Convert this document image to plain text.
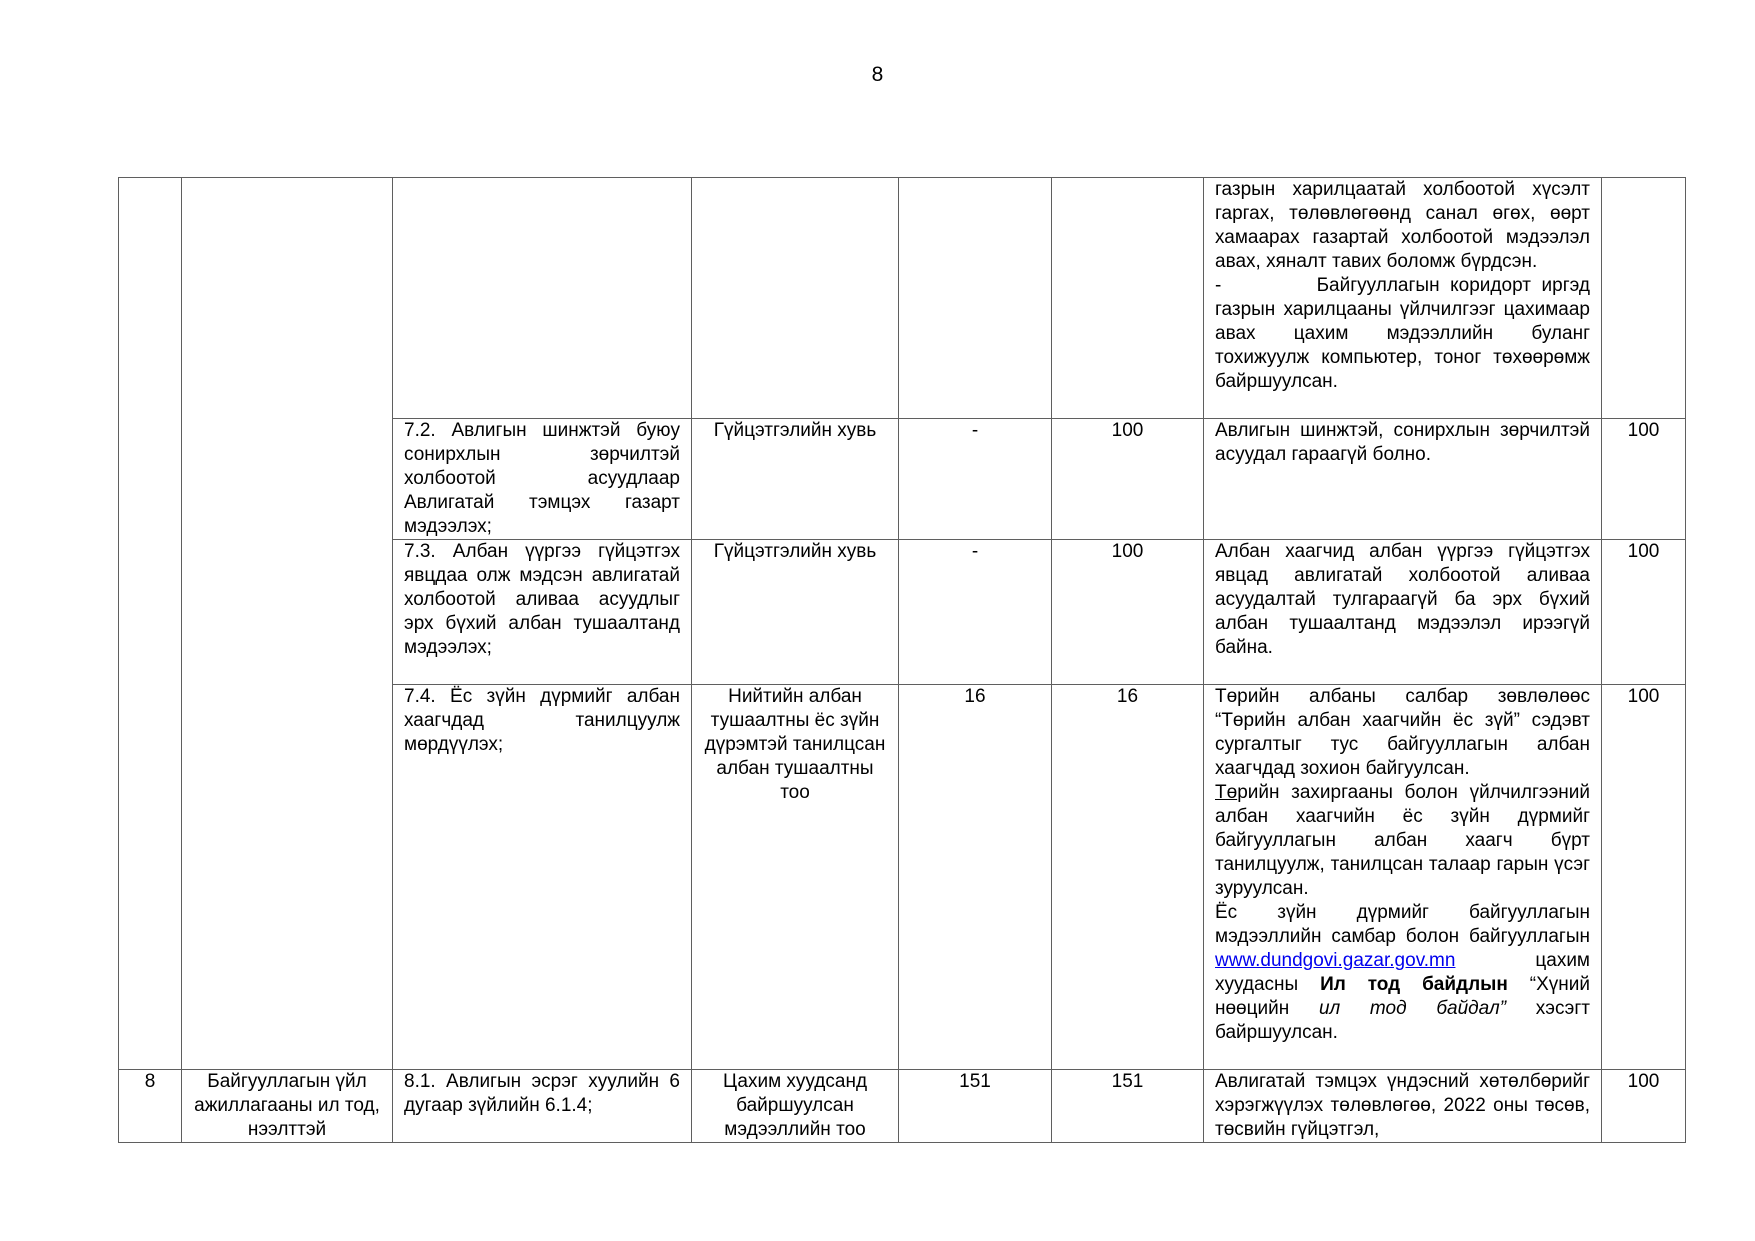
8

						газрын харилцаатай холбоотой хүсэлт гаргах, төлөвлөгөөнд санал өгөх, өөрт хамаарах газартай холбоотой мэдээлэл авах, хяналт тавих боломж бүрдсэн.
-         Байгууллагын коридорт иргэд газрын харилцааны үйлчилгээг цахимаар авах цахим мэдээллийн буланг тохижуулж компьютер, тоног төхөөрөмж байршуулсан.	

		7.2. Авлигын шинжтэй буюу сонирхлын зөрчилтэй холбоотой асуудлаар Авлигатай тэмцэх газарт мэдээлэх;	Гүйцэтгэлийн хувь	-	100	Авлигын шинжтэй, сонирхлын зөрчилтэй асуудал гараагүй болно.	100
		7.3. Албан үүргээ гүйцэтгэх явцдаа олж мэдсэн авлигатай холбоотой аливаа асуудлыг эрх бүхий албан тушаалтанд мэдээлэх;	Гүйцэтгэлийн хувь	-	100	Албан хаагчид албан үүргээ гүйцэтгэх явцад авлигатай холбоотой аливаа асуудалтай тулгараагүй ба эрх бүхий албан тушаалтанд мэдээлэл ирээгүй байна.	100
		7.4. Ёс зүйн дүрмийг албан хаагчдад танилцуулж мөрдүүлэх;	Нийтийн албан тушаалтны ёс зүйн дүрэмтэй танилцсан албан тушаалтны тоо	16	16	Төрийн албаны салбар зөвлөлөөс “Төрийн албан хаагчийн ёс зүй” сэдэвт сургалтыг тус байгууллагын албан хаагчдад зохион байгуулсан.
Төрийн захиргааны болон үйлчилгээний албан хаагчийн ёс зүйн дүрмийг байгууллагын албан хаагч бүрт танилцуулж, танилцсан талаар гарын үсэг зуруулсан.
Ёс зүйн дүрмийг байгууллагын мэдээллийн самбар болон байгууллагын www.dundgovi.gazar.gov.mn цахим хуудасны Ил тод байдлын “Хүний нөөцийн ил тод байдал” хэсэгт байршуулсан.	100
8	Байгууллагын үйл ажиллагааны ил тод, нээлттэй	8.1. Авлигын эсрэг хуулийн 6 дугаар зүйлийн 6.1.4;	Цахим хуудсанд байршуулсан мэдээллийн тоо	151	151	Авлигатай тэмцэх үндэсний хөтөлбөрийг хэрэгжүүлэх төлөвлөгөө, 2022 оны төсөв, төсвийн гүйцэтгэл,	100
